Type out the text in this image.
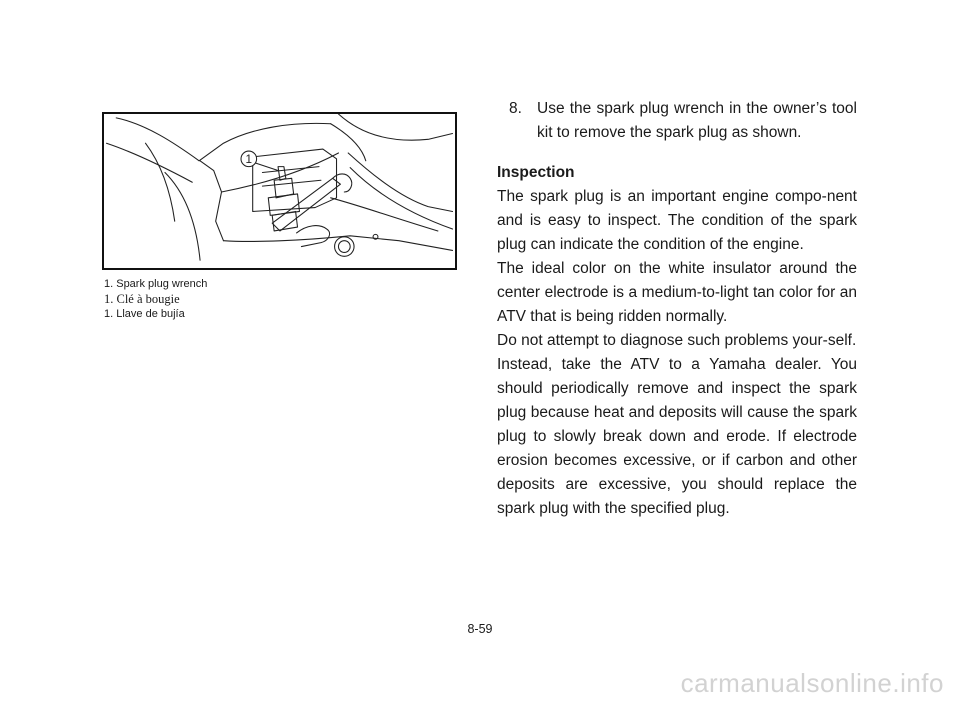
1
1. Spark plug wrench
1. Clé à bougie
1. Llave de bujía
8. Use the spark plug wrench in the owner’s tool kit to remove the spark plug as shown.
Inspection

The spark plug is an important engine compo-nent and is easy to inspect. The condition of the spark plug can indicate the condition of the engine.

The ideal color on the white insulator around the center electrode is a medium-to-light tan color for an ATV that is being ridden normally.

Do not attempt to diagnose such problems your-self.

Instead, take the ATV to a Yamaha dealer. You should periodically remove and inspect the spark plug because heat and deposits will cause the spark plug to slowly break down and erode. If electrode erosion becomes excessive, or if carbon and other deposits are excessive, you should replace the spark plug with the specified plug.

8-59
carmanualsonline.info
